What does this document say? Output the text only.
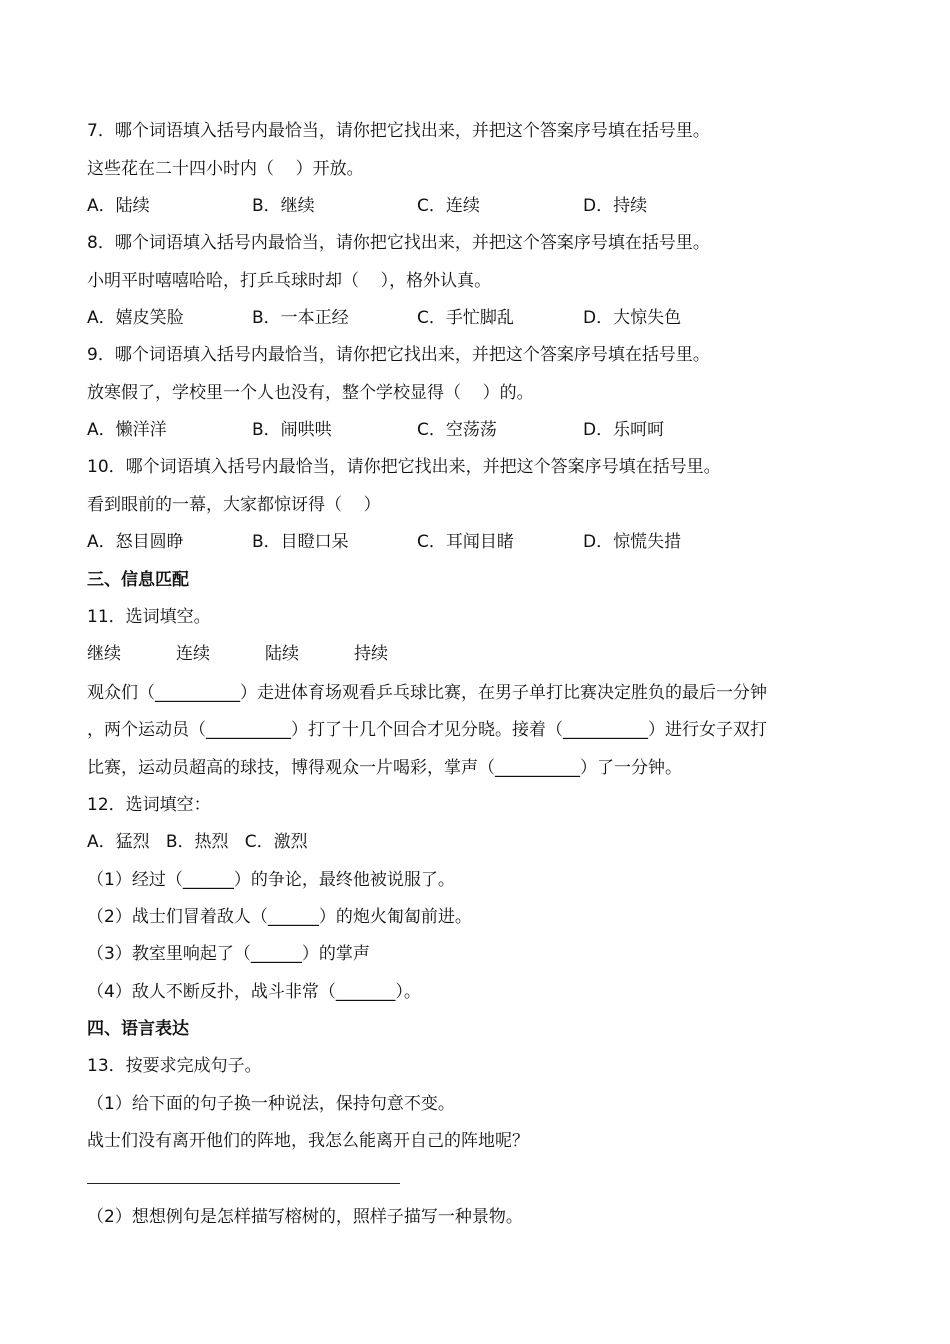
7．哪个词语填入括号内最恰当，请你把它找出来，并把这个答案序号填在括号里。
这些花在二十四小时内（    ）开放。
A．陆续	B．继续	C．连续	D．持续
8．哪个词语填入括号内最恰当，请你把它找出来，并把这个答案序号填在括号里。
小明平时嘻嘻哈哈，打乒乓球时却（    ），格外认真。
A．嬉皮笑脸	B．一本正经	C．手忙脚乱	D．大惊失色
9．哪个词语填入括号内最恰当，请你把它找出来，并把这个答案序号填在括号里。
放寒假了，学校里一个人也没有，整个学校显得（    ）的。
A．懒洋洋	B．闹哄哄	C．空荡荡	D．乐呵呵
10．哪个词语填入括号内最恰当，请你把它找出来，并把这个答案序号填在括号里。
看到眼前的一幕，大家都惊讶得（    ）
A．怒目圆睁	B．目瞪口呆	C．耳闻目睹	D．惊慌失措
三、信息匹配
11．选词填空。
继续	连续	陆续	持续
观众们（__________）走进体育场观看乒乓球比赛，在男子单打比赛决定胜负的最后一分钟
，两个运动员（__________）打了十几个回合才见分晓。接着（__________）进行女子双打
比赛，运动员超高的球技，博得观众一片喝彩，掌声（__________）了一分钟。
12．选词填空：
A．猛烈   B．热烈   C．激烈
（1）经过（______）的争论，最终他被说服了。
（2）战士们冒着敌人（______）的炮火匍匐前进。
（3）教室里响起了（______）的掌声
（4）敌人不断反扑，战斗非常（_______）。
四、语言表达
13．按要求完成句子。
（1）给下面的句子换一种说法，保持句意不变。
战士们没有离开他们的阵地，我怎么能离开自己的阵地呢？
（2）想想例句是怎样描写榕树的，照样子描写一种景物。
